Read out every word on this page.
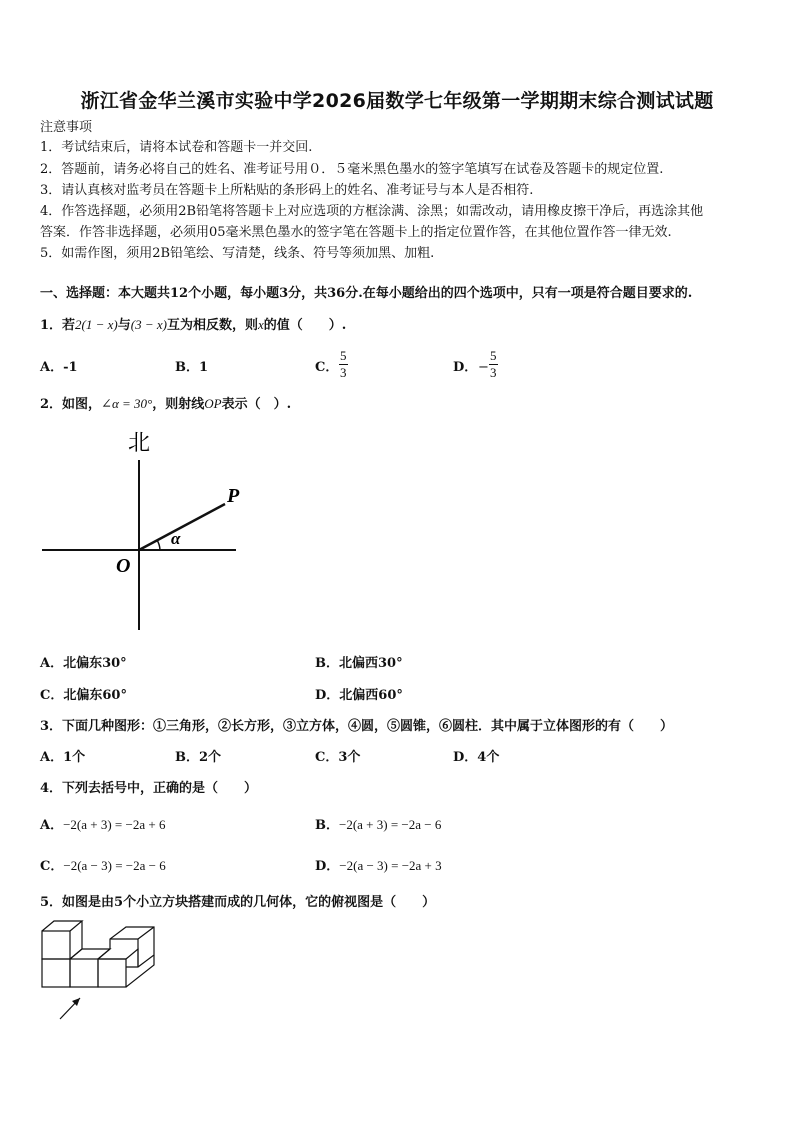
浙江省金华兰溪市实验中学2026届数学七年级第一学期期末综合测试试题
注意事项
1．考试结束后，请将本试卷和答题卡一并交回.
2．答题前，请务必将自己的姓名、准考证号用０．５毫米黑色墨水的签字笔填写在试卷及答题卡的规定位置.
3．请认真核对监考员在答题卡上所粘贴的条形码上的姓名、准考证号与本人是否相符.
4．作答选择题，必须用2B铅笔将答题卡上对应选项的方框涂满、涂黑；如需改动，请用橡皮擦干净后，再选涂其他
答案．作答非选择题，必须用05毫米黑色墨水的签字笔在答题卡上的指定位置作答，在其他位置作答一律无效.
5．如需作图，须用2B铅笔绘、写清楚，线条、符号等须加黑、加粗.
一、选择题：本大题共12个小题，每小题3分，共36分.在每小题给出的四个选项中，只有一项是符合题目要求的.
1．若2(1 − x)与(3 − x)互为相反数，则x的值（　　）.
A．-1	B．1	C． $\frac{5}{3}$	D． − $\frac{5}{3}$
2．如图，∠α = 30°，则射线OP表示（　）.
北
P
O
α
A．北偏东30°	B．北偏西30°
C．北偏东60°	D．北偏西60°
3．下面几种图形：①三角形，②长方形，③立方体，④圆，⑤圆锥，⑥圆柱．其中属于立体图形的有（　　）
A．1个	B．2个	C．3个	D．4个
4．下列去括号中，正确的是（　　）
A．−2(a + 3) = −2a + 6	B．−2(a + 3) = −2a − 6
C．−2(a − 3) = −2a − 6	D．−2(a − 3) = −2a + 3
5．如图是由5个小立方块搭建而成的几何体，它的俯视图是（　　）
